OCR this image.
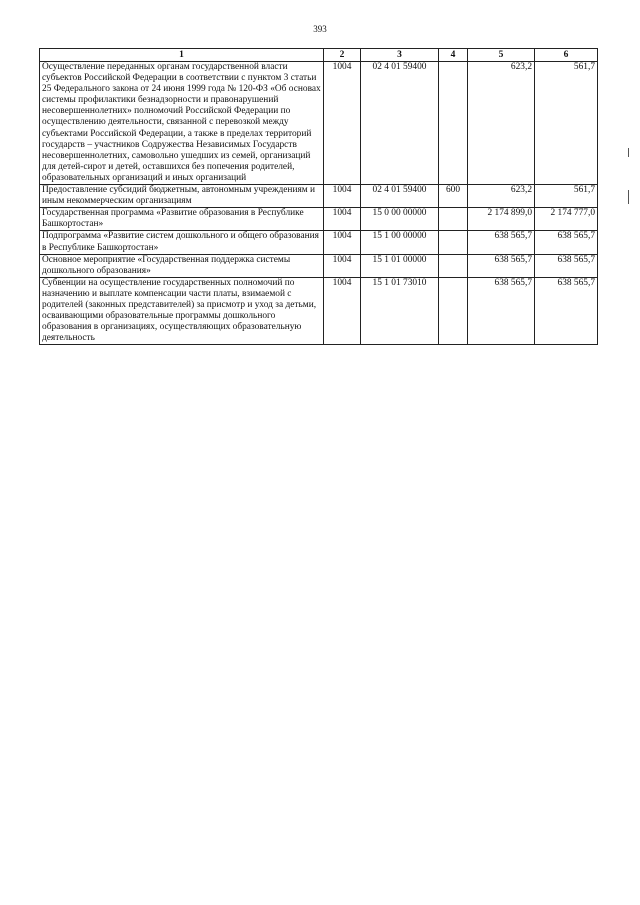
393
1	2	3	4	5	6
Осуществление переданных органам государственной власти субъектов Российской Федерации в соответствии с пунктом 3 статьи 25 Федерального закона от 24 июня 1999 года № 120-ФЗ «Об основах системы профилактики безнадзорности и правонарушений несовершеннолетних» полномочий Российской Федерации по осуществлению деятельности, связанной с перевозкой между субъектами Российской Федерации, а также в пределах территорий государств – участников Содружества Независимых Государств несовершеннолетних, самовольно ушедших из семей, организаций для детей-сирот и детей, оставшихся без попечения родителей, образовательных организаций и иных организаций	1004	02 4 01 59400		623,2	561,7
Предоставление субсидий бюджетным, автономным учреждениям и иным некоммерческим организациям	1004	02 4 01 59400	600	623,2	561,7
Государственная программа «Развитие образования в Республике Башкортостан»	1004	15 0 00 00000		2 174 899,0	2 174 777,0
Подпрограмма «Развитие систем дошкольного и общего образования в Республике Башкортостан»	1004	15 1 00 00000		638 565,7	638 565,7
Основное мероприятие «Государственная поддержка системы дошкольного образования»	1004	15 1 01 00000		638 565,7	638 565,7
Субвенции на осуществление государственных полномочий по назначению и выплате компенсации части платы, взимаемой с родителей (законных представителей) за присмотр и уход за детьми, осваивающими образовательные программы дошкольного образования в организациях, осуществляющих образовательную деятельность	1004	15 1 01 73010		638 565,7	638 565,7
